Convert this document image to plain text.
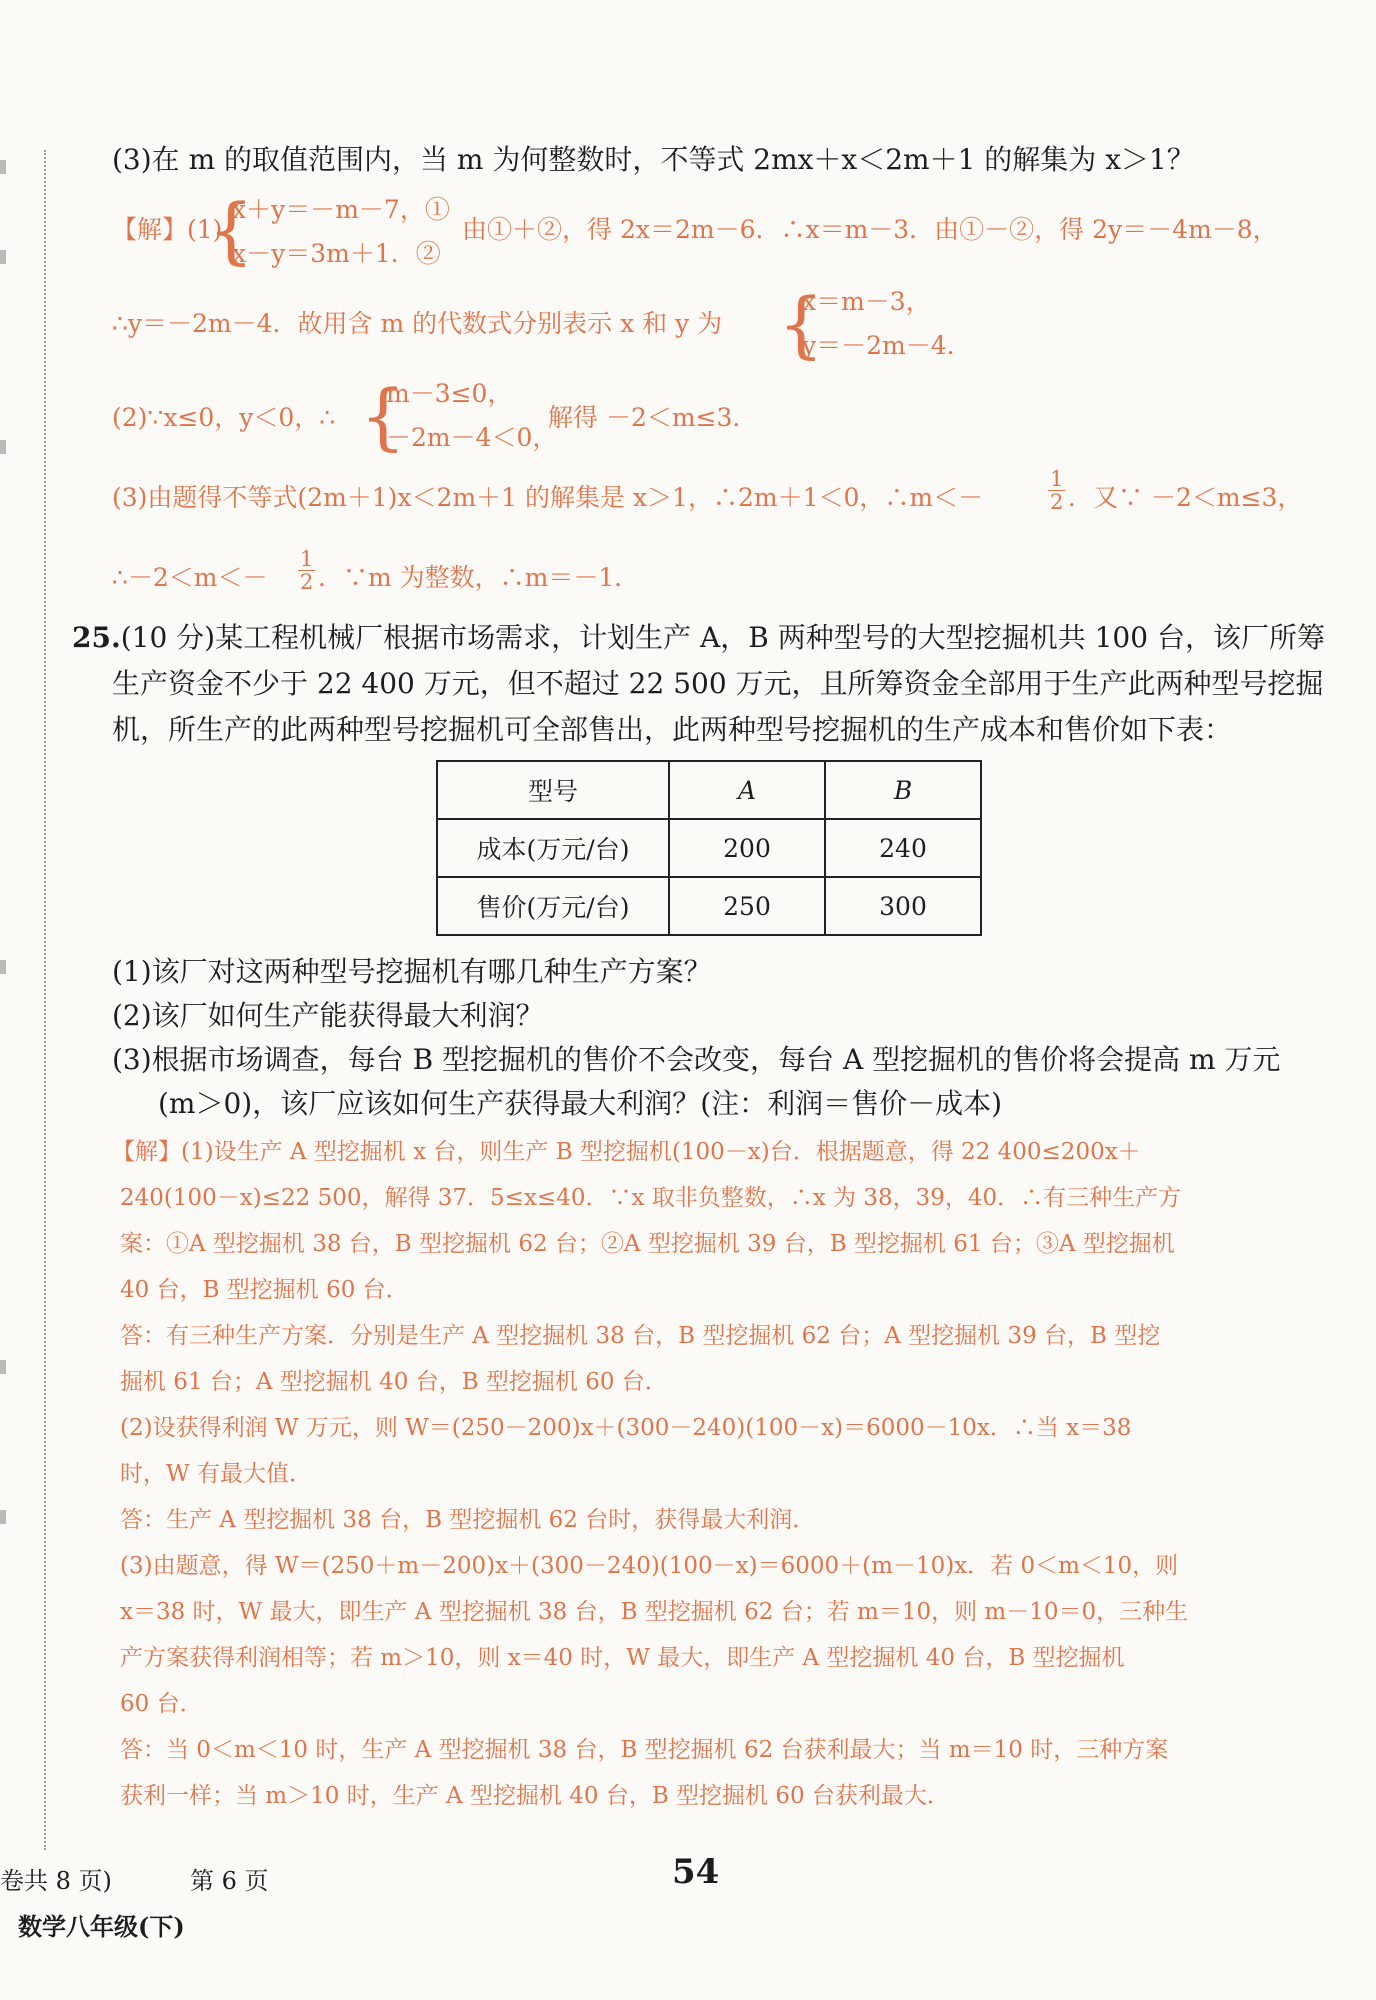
(3)在 m 的取值范围内，当 m 为何整数时，不等式 2mx＋x＜2m＋1 的解集为 x＞1？
【解】(1)
{
x＋y＝－m－7，①
x－y＝3m＋1．②
由①＋②，得 2x＝2m－6．∴x＝m－3．由①－②，得 2y＝－4m－8，
∴y＝－2m－4．故用含 m 的代数式分别表示 x 和 y 为 {
x＝m－3，
y＝－2m－4．
(2)∵x≤0，y＜0，∴ {
m－3≤0，
－2m－4＜0，
解得 －2＜m≤3．
(3)由题得不等式(2m＋1)x＜2m＋1 的解集是 x＞1，∴2m＋1＜0，∴m＜－	$\frac{1}{2}$ ．又∵ －2＜m≤3，
∴－2＜m＜－ $\frac{1}{2}$ ．∵m 为整数，∴m＝－1．
25.(10 分)某工程机械厂根据市场需求，计划生产 A，B 两种型号的大型挖掘机共 100 台，该厂所筹
生产资金不少于 22 400 万元，但不超过 22 500 万元，且所筹资金全部用于生产此两种型号挖掘
机，所生产的此两种型号挖掘机可全部售出，此两种型号挖掘机的生产成本和售价如下表：
型号	A	B
成本(万元/台)	200	240
售价(万元/台)	250	300
(1)该厂对这两种型号挖掘机有哪几种生产方案？
(2)该厂如何生产能获得最大利润？
(3)根据市场调查，每台 B 型挖掘机的售价不会改变，每台 A 型挖掘机的售价将会提高 m 万元
(m＞0)，该厂应该如何生产获得最大利润？(注：利润＝售价－成本)
【解】(1)设生产 A 型挖掘机 x 台，则生产 B 型挖掘机(100－x)台．根据题意，得 22 400≤200x＋
240(100－x)≤22 500，解得 37．5≤x≤40．∵x 取非负整数，∴x 为 38，39，40．∴有三种生产方
案：①A 型挖掘机 38 台，B 型挖掘机 62 台；②A 型挖掘机 39 台，B 型挖掘机 61 台；③A 型挖掘机
40 台，B 型挖掘机 60 台．
答：有三种生产方案．分别是生产 A 型挖掘机 38 台，B 型挖掘机 62 台；A 型挖掘机 39 台，B 型挖
掘机 61 台；A 型挖掘机 40 台，B 型挖掘机 60 台．
(2)设获得利润 W 万元，则 W＝(250－200)x＋(300－240)(100－x)＝6000－10x．∴当 x＝38
时，W 有最大值．
答：生产 A 型挖掘机 38 台，B 型挖掘机 62 台时，获得最大利润．
(3)由题意，得 W＝(250＋m－200)x＋(300－240)(100－x)＝6000＋(m－10)x．若 0＜m＜10，则
x＝38 时，W 最大，即生产 A 型挖掘机 38 台，B 型挖掘机 62 台；若 m＝10，则 m－10＝0，三种生
产方案获得利润相等；若 m＞10，则 x＝40 时，W 最大，即生产 A 型挖掘机 40 台，B 型挖掘机
60 台．
答：当 0＜m＜10 时，生产 A 型挖掘机 38 台，B 型挖掘机 62 台获利最大；当 m＝10 时，三种方案
获利一样；当 m＞10 时，生产 A 型挖掘机 40 台，B 型挖掘机 60 台获利最大．
卷共 8 页)	第 6 页
数学八年级(下)
54
